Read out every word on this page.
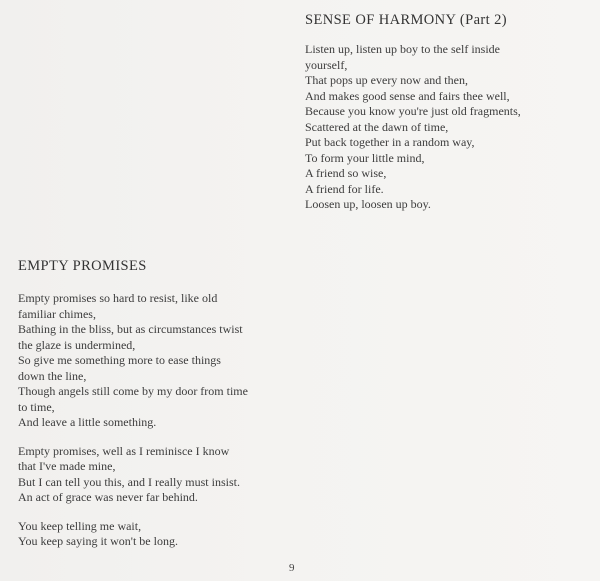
SENSE OF HARMONY (Part 2)
Listen up, listen up boy to the self inside
yourself,
That pops up every now and then,
And makes good sense and fairs thee well,
Because you know you're just old fragments,
Scattered at the dawn of time,
Put back together in a random way,
To form your little mind,
A friend so wise,
A friend for life.
Loosen up, loosen up boy.
EMPTY PROMISES
Empty promises so hard to resist, like old
familiar chimes,
Bathing in the bliss, but as circumstances twist
the glaze is undermined,
So give me something more to ease things
down the line,
Though angels still come by my door from time
to time,
And leave a little something.
Empty promises, well as I reminisce I know
that I've made mine,
But I can tell you this, and I really must insist.
An act of grace was never far behind.
You keep telling me wait,
You keep saying it won't be long.
9
